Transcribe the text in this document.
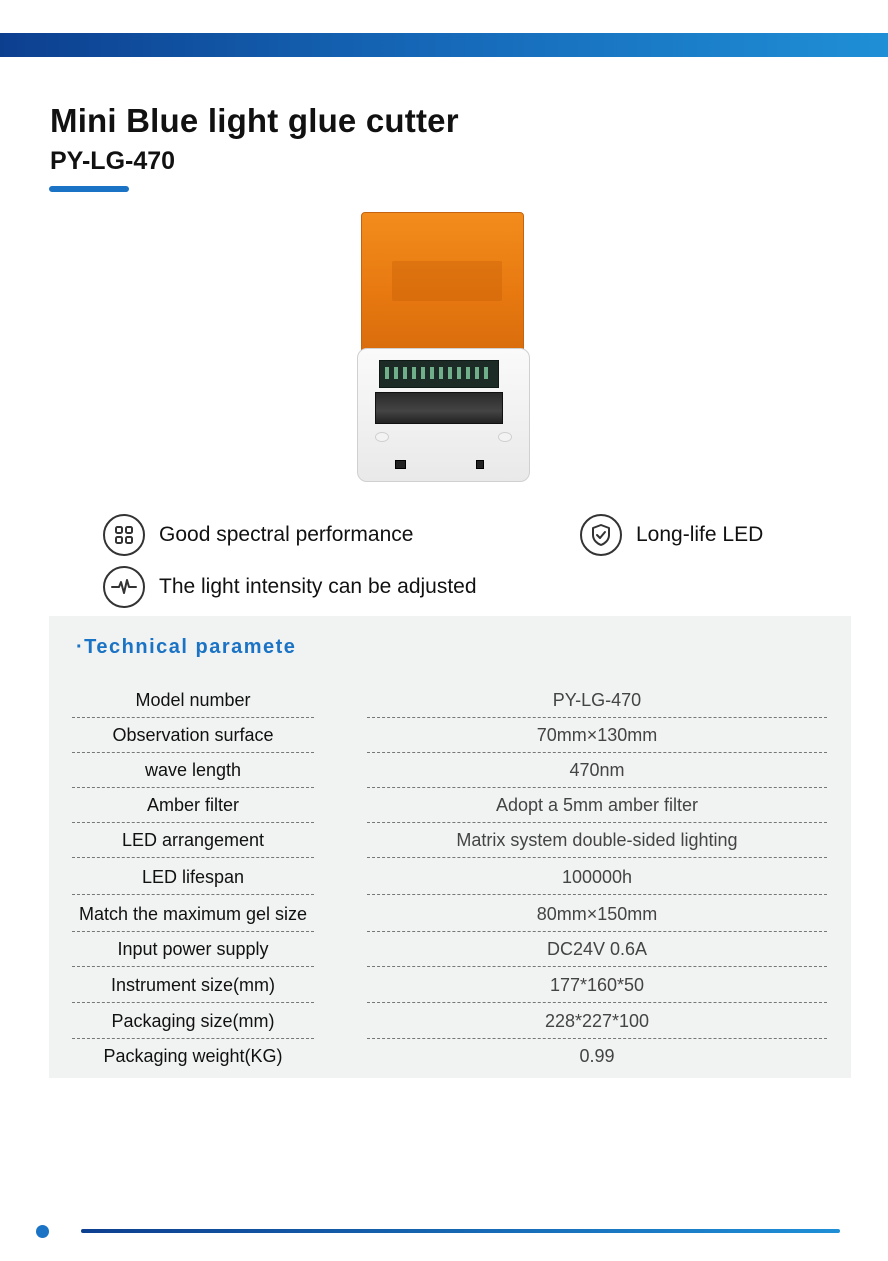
Mini Blue light glue cutter
PY-LG-470
Good spectral performance	Long-life LED
The light intensity can be adjusted
·Technical paramete
Model number	PY-LG-470
Observation surface	70mm×130mm
wave length	470nm
Amber filter	Adopt a 5mm amber filter
LED arrangement	Matrix system double-sided lighting
LED lifespan	100000h
Match the maximum gel size	80mm×150mm
Input power supply	DC24V 0.6A
Instrument size(mm)	177*160*50
Packaging size(mm)	228*227*100
Packaging weight(KG)	0.99
